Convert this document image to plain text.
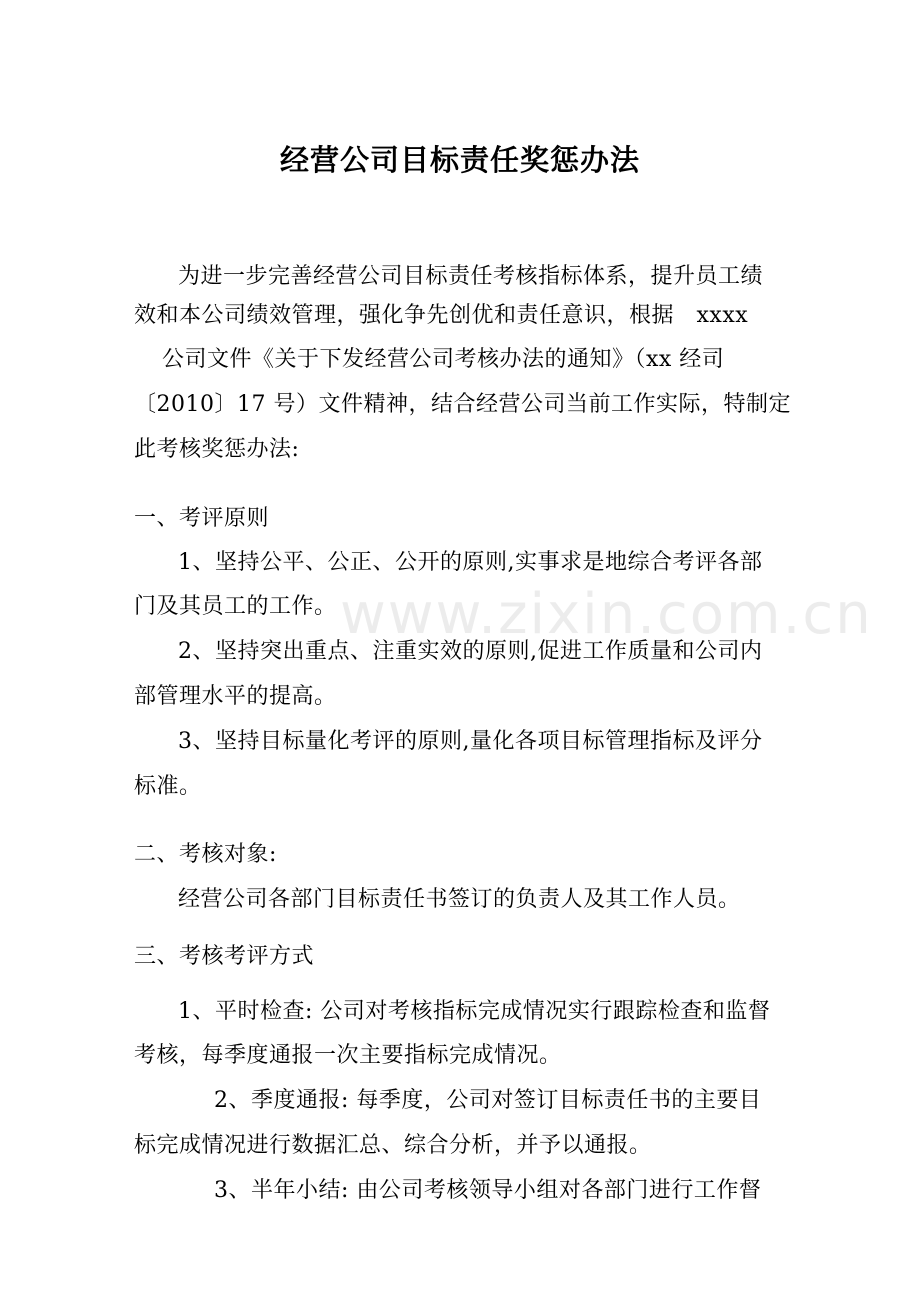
www.zixin.com.cn
经营公司目标责任奖惩办法
为进一步完善经营公司目标责任考核指标体系，提升员工绩
效和本公司绩效管理，强化争先创优和责任意识，根据　xxxx
公司文件《关于下发经营公司考核办法的通知》（xx 经司
〔2010〕17 号）文件精神，结合经营公司当前工作实际，特制定
此考核奖惩办法:
一、考评原则
1、坚持公平、公正、公开的原则,实事求是地综合考评各部
门及其员工的工作。
2、坚持突出重点、注重实效的原则,促进工作质量和公司内
部管理水平的提高。
3、坚持目标量化考评的原则,量化各项目标管理指标及评分
标准。
二、考核对象:
经营公司各部门目标责任书签订的负责人及其工作人员。
三、考核考评方式
1、平时检查: 公司对考核指标完成情况实行跟踪检查和监督
考核，每季度通报一次主要指标完成情况。
2、季度通报: 每季度，公司对签订目标责任书的主要目
标完成情况进行数据汇总、综合分析，并予以通报。
3、半年小结: 由公司考核领导小组对各部门进行工作督
